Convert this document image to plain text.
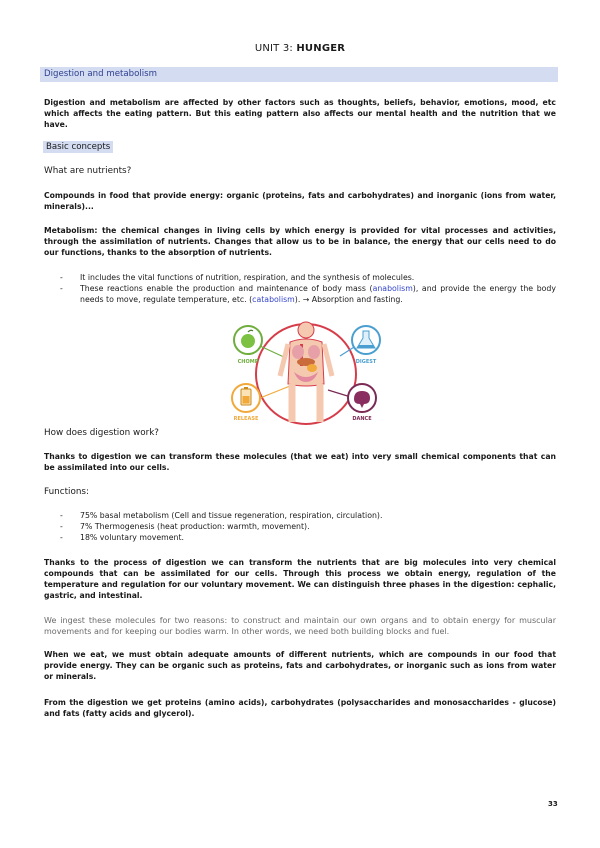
UNIT 3: HUNGER
Digestion and metabolism
Digestion and metabolism are affected by other factors such as thoughts, beliefs, behavior, emotions, mood, etc which affects the eating pattern. But this eating pattern also affects our mental health and the nutrition that we have.
Basic concepts
What are nutrients?
Compounds in food that provide energy: organic (proteins, fats and carbohydrates) and inorganic (ions from water, minerals)...
Metabolism: the chemical changes in living cells by which energy is provided for vital processes and activities, through the assimilation of nutrients. Changes that allow us to be in balance, the energy that our cells need to do our functions, thanks to the absorption of nutrients.
- It includes the vital functions of nutrition, respiration, and the synthesis of molecules.
- These reactions enable the production and maintenance of body mass (anabolism), and provide the energy the body needs to move, regulate temperature, etc. (catabolism). → Absorption and fasting.
CHOMP	DIGEST
RELEASE	DANCE
How does digestion work?
Thanks to digestion we can transform these molecules (that we eat) into very small chemical components that can be assimilated into our cells.
Functions:
- 75% basal metabolism (Cell and tissue regeneration, respiration, circulation).
- 7% Thermogenesis (heat production: warmth, movement).
- 18% voluntary movement.
Thanks to the process of digestion we can transform the nutrients that are big molecules into very chemical compounds that can be assimilated for our cells. Through this process we obtain energy, regulation of the temperature and regulation for our voluntary movement. We can distinguish three phases in the digestion: cephalic, gastric, and intestinal.
We ingest these molecules for two reasons: to construct and maintain our own organs and to obtain energy for muscular movements and for keeping our bodies warm. In other words, we need both building blocks and fuel.
When we eat, we must obtain adequate amounts of different nutrients, which are compounds in our food that provide energy. They can be organic such as proteins, fats and carbohydrates, or inorganic such as ions from water or minerals.
From the digestion we get proteins (amino acids), carbohydrates (polysaccharides and monosaccharides - glucose) and fats (fatty acids and glycerol).
33
